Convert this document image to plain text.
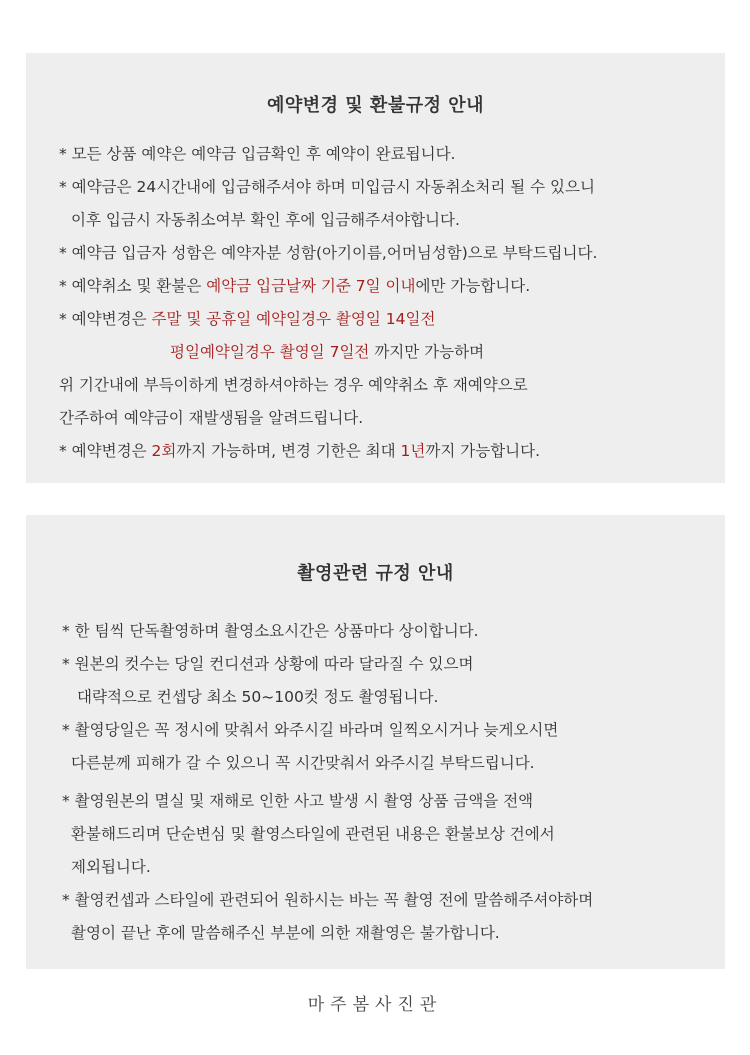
예약변경 및 환불규정 안내
* 모든 상품 예약은 예약금 입금확인 후 예약이 완료됩니다.
* 예약금은 24시간내에 입금해주셔야 하며 미입금시 자동취소처리 될 수 있으니
이후 입금시 자동취소여부 확인 후에 입금해주셔야합니다.
* 예약금 입금자 성함은 예약자분 성함(아기이름,어머님성함)으로 부탁드립니다.
* 예약취소 및 환불은 예약금 입금날짜 기준 7일 이내에만 가능합니다.
* 예약변경은 주말 및 공휴일 예약일경우 촬영일 14일전
평일예약일경우 촬영일 7일전 까지만 가능하며
위 기간내에 부득이하게 변경하셔야하는 경우 예약취소 후 재예약으로
간주하여 예약금이 재발생됨을 알려드립니다.
* 예약변경은 2회까지 가능하며, 변경 기한은 최대 1년까지 가능합니다.
촬영관련 규정 안내
* 한 팀씩 단독촬영하며 촬영소요시간은 상품마다 상이합니다.
* 원본의 컷수는 당일 컨디션과 상황에 따라 달라질 수 있으며
대략적으로 컨셉당 최소 50~100컷 정도 촬영됩니다.
* 촬영당일은 꼭 정시에 맞춰서 와주시길 바라며 일찍오시거나 늦게오시면
다른분께 피해가 갈 수 있으니 꼭 시간맞춰서 와주시길 부탁드립니다.
* 촬영원본의 멸실 및 재해로 인한 사고 발생 시 촬영 상품 금액을 전액
환불해드리며 단순변심 및 촬영스타일에 관련된 내용은 환불보상 건에서
제외됩니다.
* 촬영컨셉과 스타일에 관련되어 원하시는 바는 꼭 촬영 전에 말씀해주셔야하며
촬영이 끝난 후에 말씀해주신 부분에 의한 재촬영은 불가합니다.
마주봄사진관
